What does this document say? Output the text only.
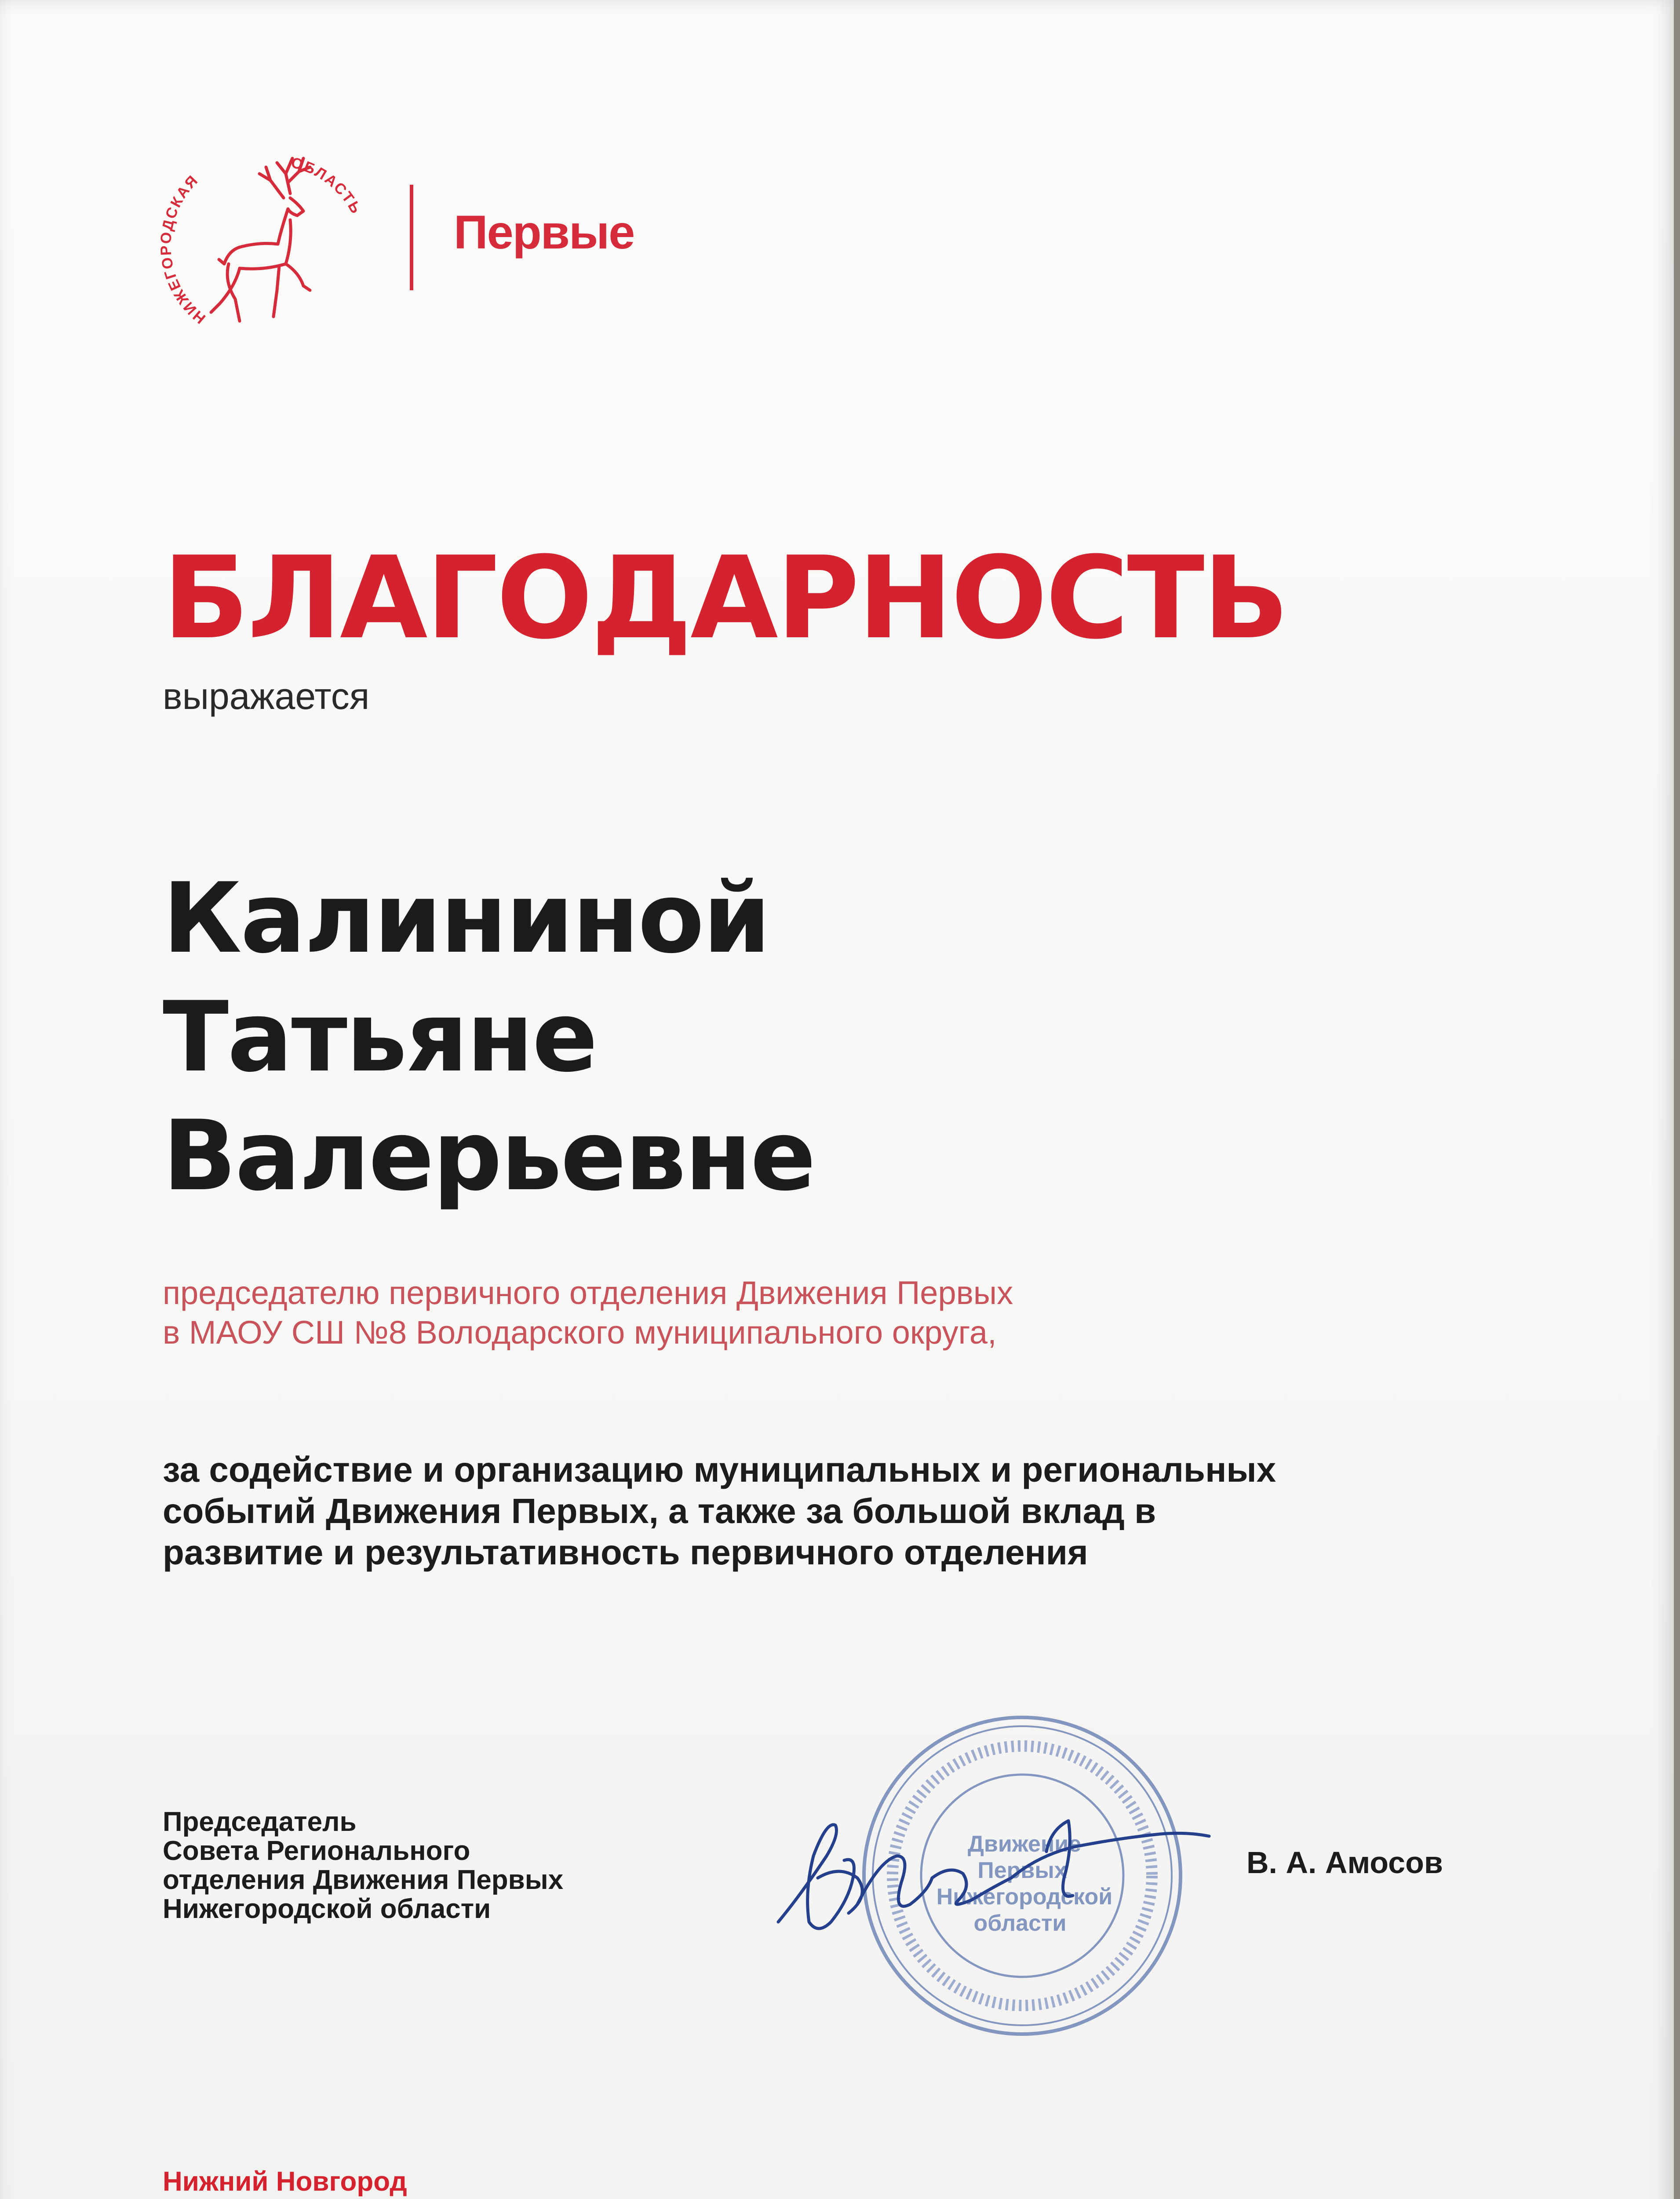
НИЖЕГОРОДСКАЯ
ОБЛАСТЬ Первые
БЛАГОДАРНОСТЬ
выражается
Калининой
Татьяне
Валерьевне
председателю первичного отделения Движения Первых
в МАОУ СШ №8 Володарского муниципального округа,
за содействие и организацию муниципальных и региональных
событий Движения Первых, а также за большой вклад в
развитие и результативность первичного отделения
Председатель
Совета Регионального
отделения Движения Первых
Нижегородской области
Движение
Первых
Нижегородской
области
В. А. Амосов
Нижний Новгород
